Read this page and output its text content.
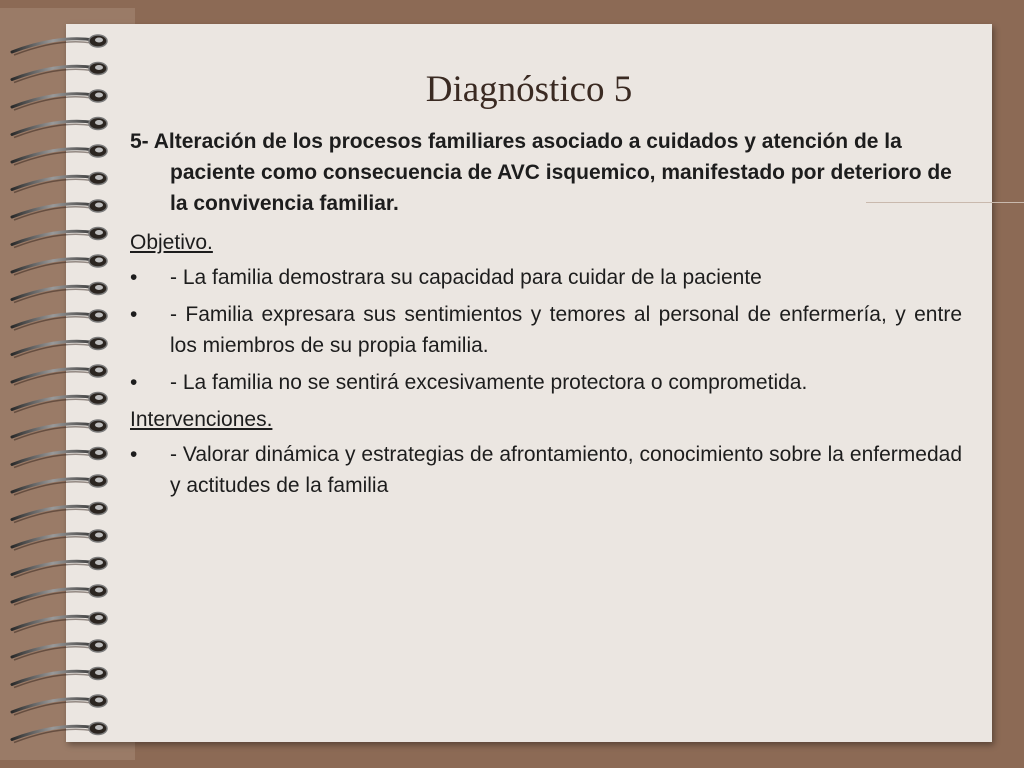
Diagnóstico 5

5- Alteración de los procesos familiares asociado a cuidados y atención de la paciente como consecuencia de AVC isquemico, manifestado por deterioro de la convivencia familiar.

Objetivo.

•	- La familia demostrara su capacidad para cuidar de la paciente
•	- Familia expresara sus sentimientos y temores al personal de enfermería, y entre los miembros de su propia familia.
•	- La familia no se sentirá excesivamente protectora o comprometida.

Intervenciones.

•	- Valorar dinámica y estrategias de afrontamiento, conocimiento sobre la enfermedad y actitudes de la familia
